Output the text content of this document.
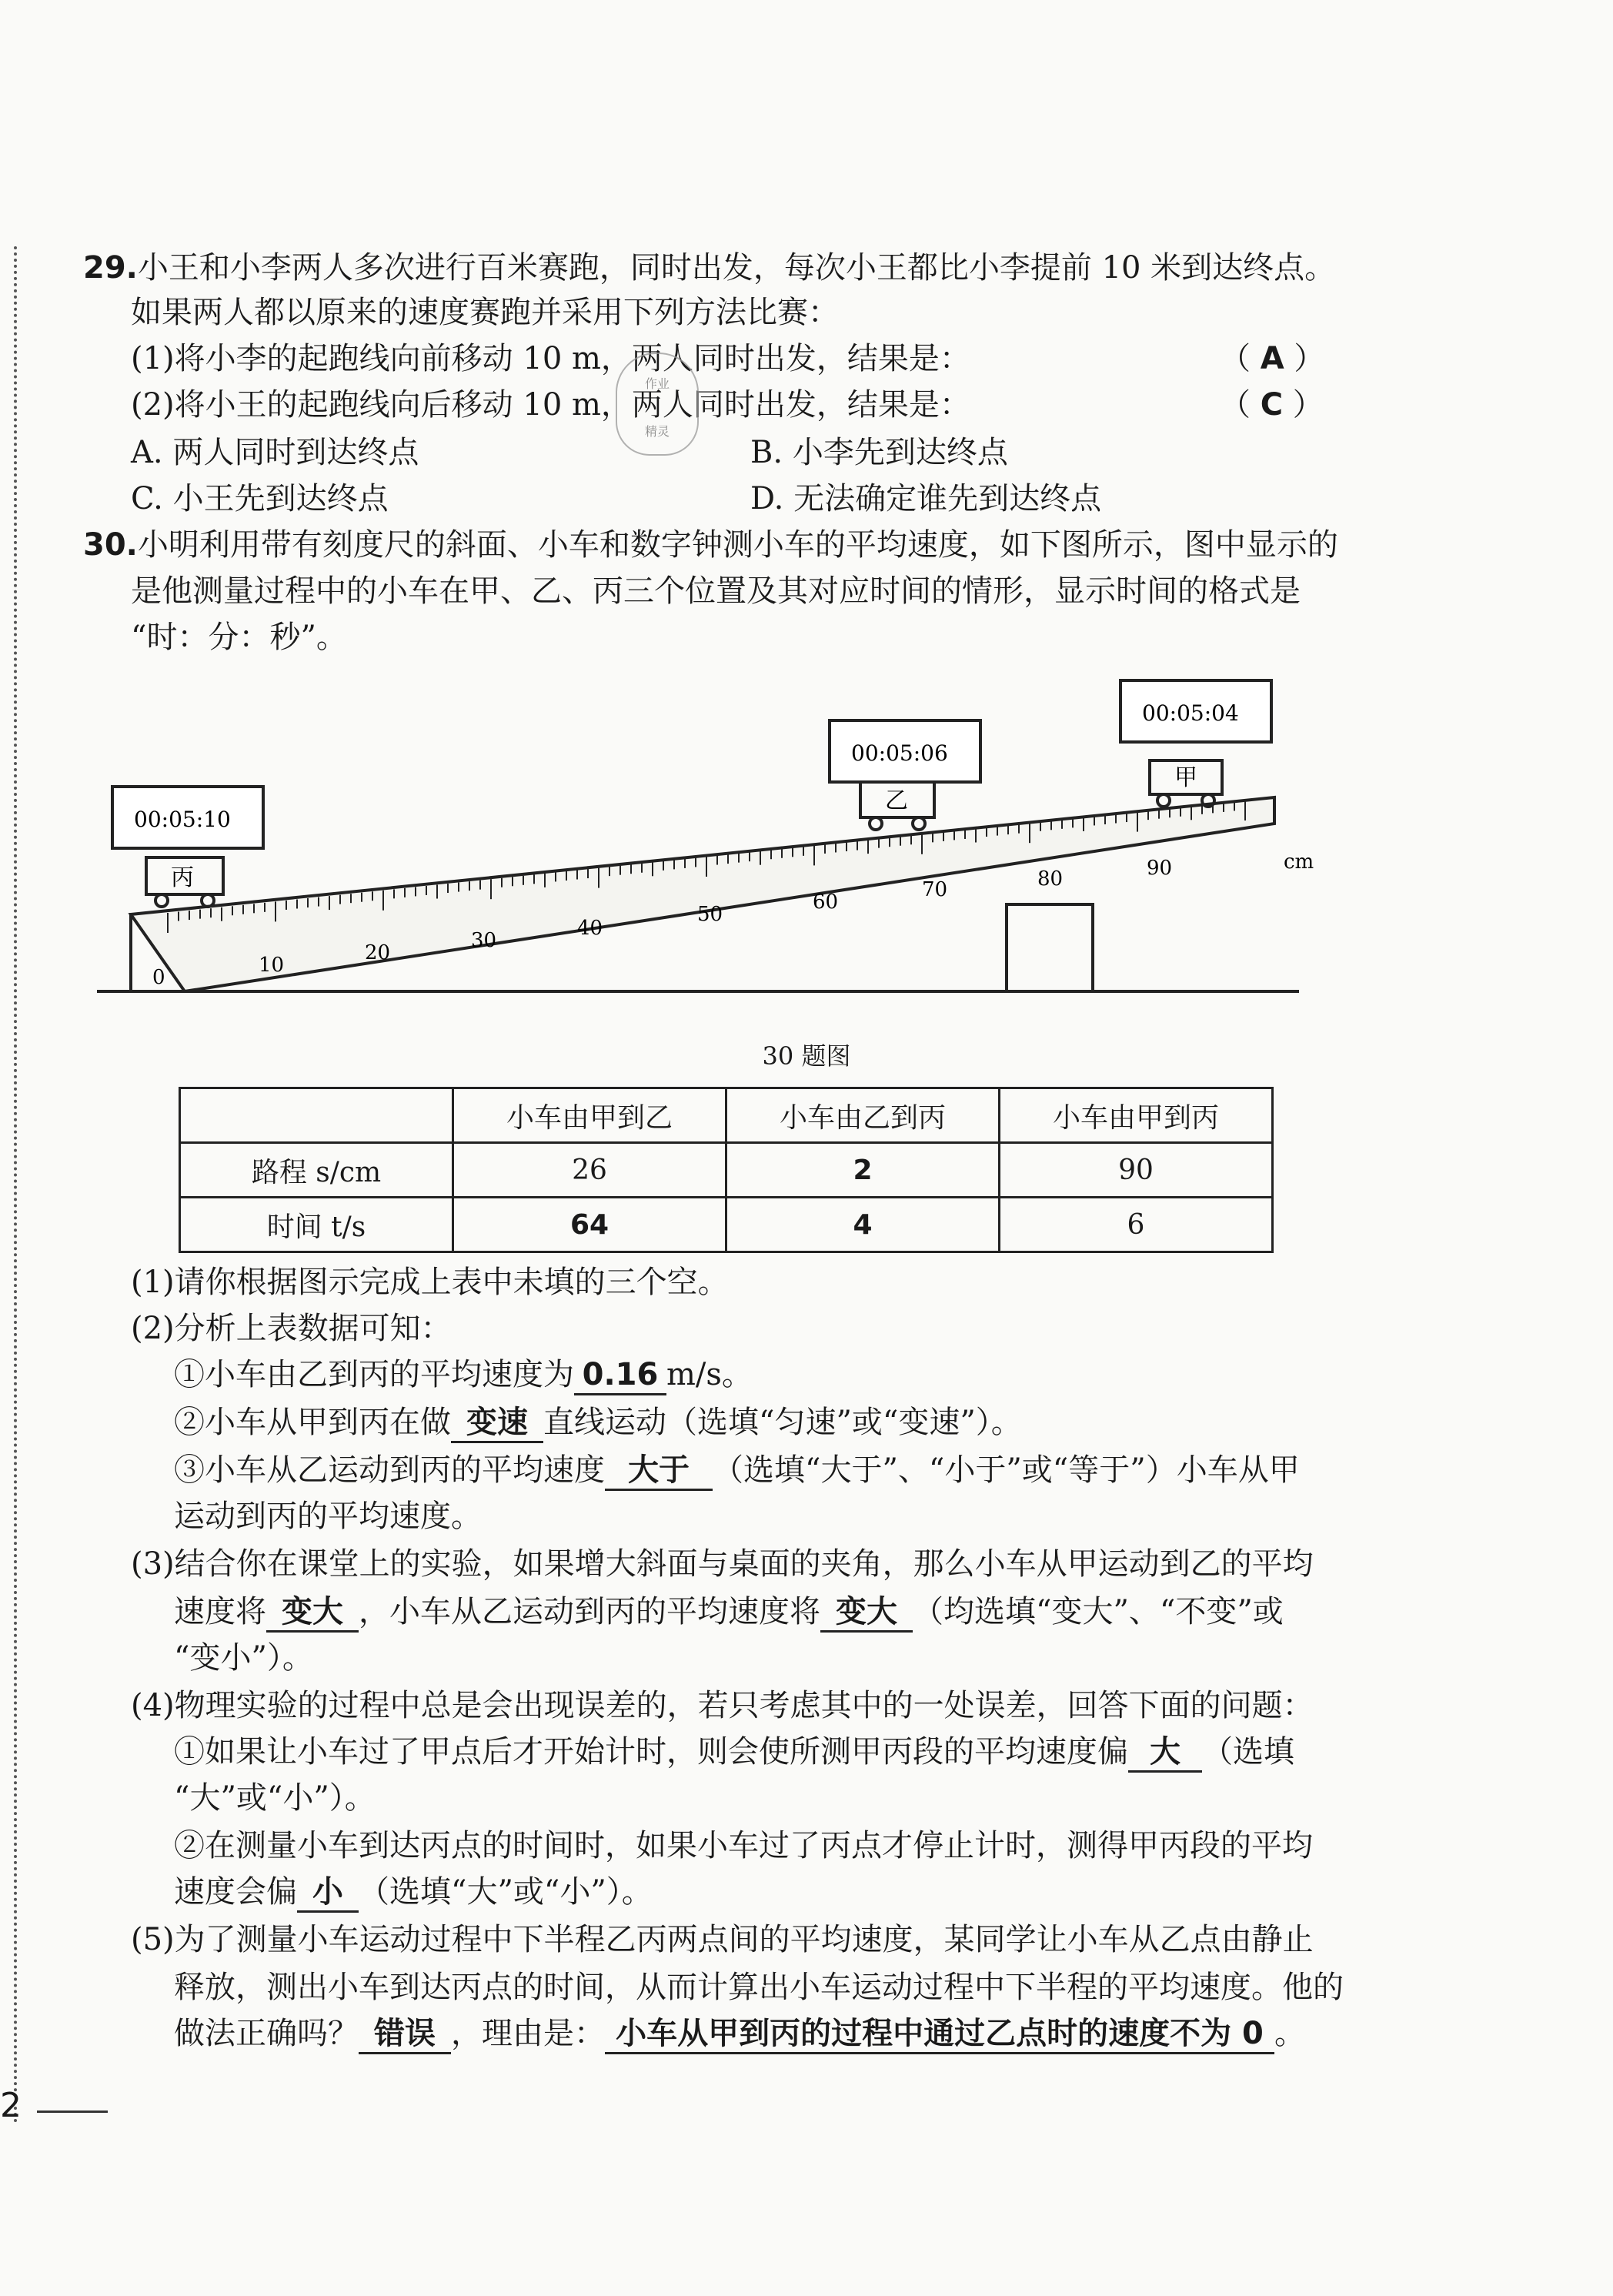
29.小王和小李两人多次进行百米赛跑，同时出发，每次小王都比小李提前 10 米到达终点。
如果两人都以原来的速度赛跑并采用下列方法比赛：
(1)将小李的起跑线向前移动 10 m，两人同时出发，结果是：	（ A ）
(2)将小王的起跑线向后移动 10 m，两人同时出发，结果是：	（ C ）
A. 两人同时到达终点	B. 小李先到达终点
C. 小王先到达终点	D. 无法确定谁先到达终点
作业
精灵
30.小明利用带有刻度尺的斜面、小车和数字钟测小车的平均速度，如下图所示，图中显示的
是他测量过程中的小车在甲、乙、丙三个位置及其对应时间的情形，显示时间的格式是
“时：分：秒”。
0
10
20
30
40
50
60
70	80	90	cm
丙
乙
甲
00:05:10
00:05:06
00:05:04
30 题图
	小车由甲到乙	小车由乙到丙	小车由甲到丙
路程 s/cm	26	2	90
时间 t/s	64	4	6
(1)请你根据图示完成上表中未填的三个空。
(2)分析上表数据可知：
①小车由乙到丙的平均速度为 0.16 m/s。
②小车从甲到丙在做 变速 直线运动（选填“匀速”或“变速”）。
③小车从乙运动到丙的平均速度 大于 （选填“大于”、“小于”或“等于”）小车从甲
运动到丙的平均速度。
(3)结合你在课堂上的实验，如果增大斜面与桌面的夹角，那么小车从甲运动到乙的平均
速度将 变大 ，小车从乙运动到丙的平均速度将 变大 （均选填“变大”、“不变”或
“变小”）。
(4)物理实验的过程中总是会出现误差的，若只考虑其中的一处误差，回答下面的问题：
①如果让小车过了甲点后才开始计时，则会使所测甲丙段的平均速度偏 大 （选填
“大”或“小”）。
②在测量小车到达丙点的时间时，如果小车过了丙点才停止计时，测得甲丙段的平均
速度会偏 小 （选填“大”或“小”）。
(5)为了测量小车运动过程中下半程乙丙两点间的平均速度，某同学让小车从乙点由静止
释放，测出小车到达丙点的时间，从而计算出小车运动过程中下半程的平均速度。他的
做法正确吗？ 错误 ，理由是： 小车从甲到丙的过程中通过乙点时的速度不为 0 。
2
